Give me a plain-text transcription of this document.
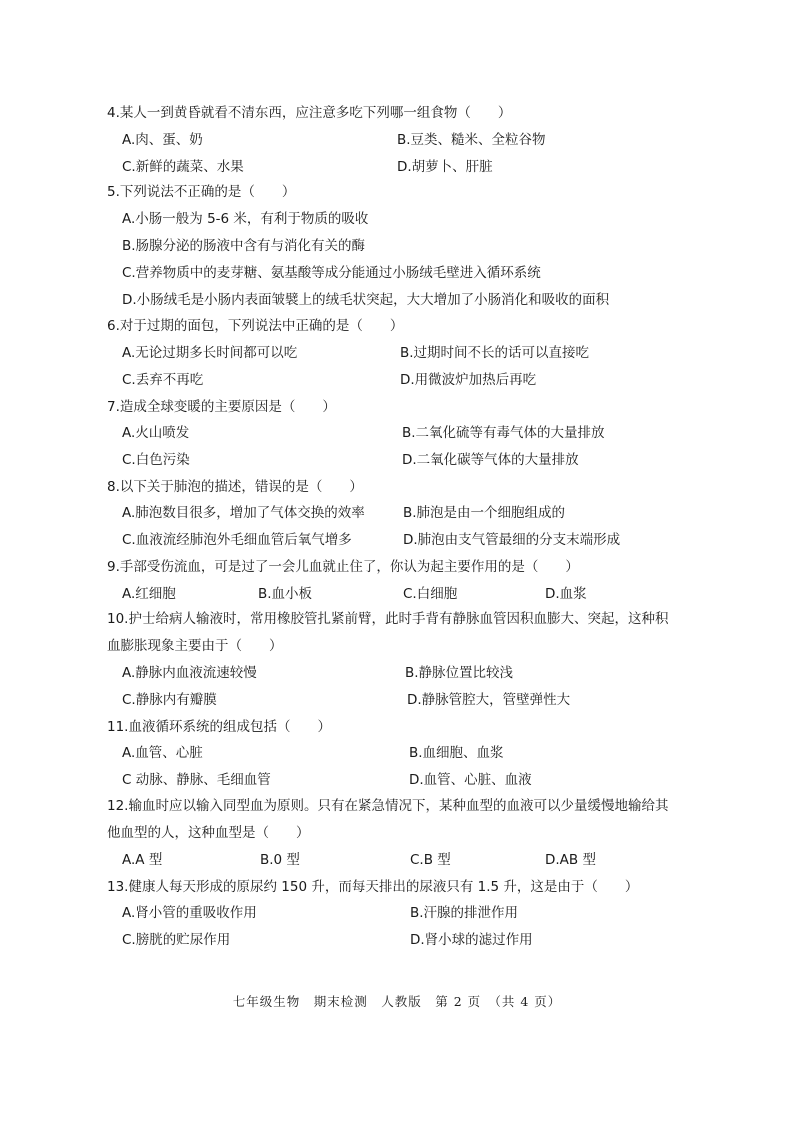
4.某人一到黄昏就看不清东西，应注意多吃下列哪一组食物（　　）
A.肉、蛋、奶	B.豆类、糙米、全粒谷物
C.新鲜的蔬菜、水果	D.胡萝卜、肝脏
5.下列说法不正确的是（　　）
A.小肠一般为 5-6 米，有利于物质的吸收
B.肠腺分泌的肠液中含有与消化有关的酶
C.营养物质中的麦芽糖、氨基酸等成分能通过小肠绒毛壁进入循环系统
D.小肠绒毛是小肠内表面皱襞上的绒毛状突起，大大增加了小肠消化和吸收的面积
6.对于过期的面包，下列说法中正确的是（　　）
A.无论过期多长时间都可以吃	B.过期时间不长的话可以直接吃
C.丢弃不再吃	D.用微波炉加热后再吃
7.造成全球变暖的主要原因是（　　）
A.火山喷发	B.二氧化硫等有毒气体的大量排放
C.白色污染	D.二氧化碳等气体的大量排放
8.以下关于肺泡的描述，错误的是（　　）
A.肺泡数目很多，增加了气体交换的效率	B.肺泡是由一个细胞组成的
C.血液流经肺泡外毛细血管后氧气增多	D.肺泡由支气管最细的分支末端形成
9.手部受伤流血，可是过了一会儿血就止住了，你认为起主要作用的是（　　）
A.红细胞	B.血小板	C.白细胞	D.血浆
10.护士给病人输液时，常用橡胶管扎紧前臂，此时手背有静脉血管因积血膨大、突起，这种积血膨胀现象主要由于（　　）
A.静脉内血液流速较慢	B.静脉位置比较浅
C.静脉内有瓣膜	D.静脉管腔大，管壁弹性大
11.血液循环系统的组成包括（　　）
A.血管、心脏	B.血细胞、血浆
C 动脉、静脉、毛细血管	D.血管、心脏、血液
12.输血时应以输入同型血为原则。只有在紧急情况下，某种血型的血液可以少量缓慢地输给其他血型的人，这种血型是（　　）
A.A 型	B.0 型	C.B 型	D.AB 型
13.健康人每天形成的原尿约 150 升，而每天排出的尿液只有 1.5 升，这是由于（　　）
A.肾小管的重吸收作用	B.汗腺的排泄作用
C.膀胱的贮尿作用	D.肾小球的滤过作用
七年级生物　期末检测　人教版　第 2 页　（共 4 页）
